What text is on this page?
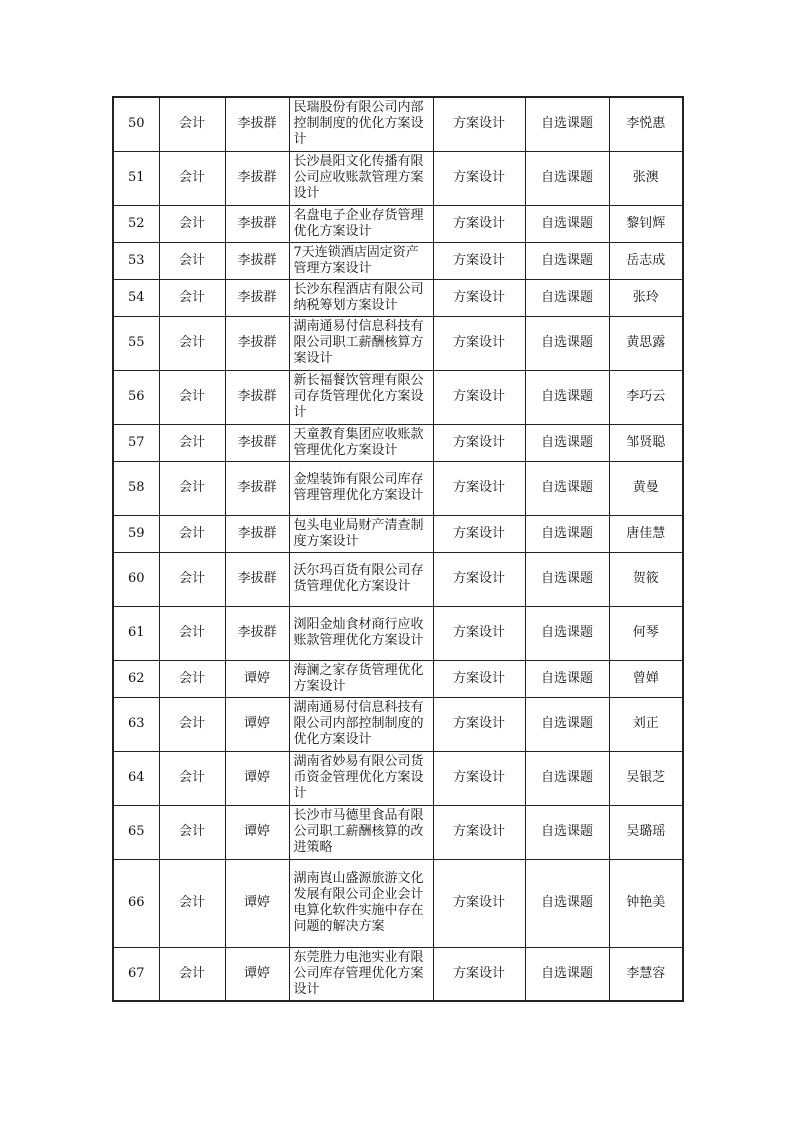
50	会计	李拔群	民瑞股份有限公司内部控制制度的优化方案设计	方案设计	自选课题	李悦惠
51	会计	李拔群	长沙晨阳文化传播有限公司应收账款管理方案设计	方案设计	自选课题	张澳
52	会计	李拔群	名盘电子企业存货管理优化方案设计	方案设计	自选课题	黎钊辉
53	会计	李拔群	7天连锁酒店固定资产管理方案设计	方案设计	自选课题	岳志成
54	会计	李拔群	长沙东程酒店有限公司纳税筹划方案设计	方案设计	自选课题	张玲
55	会计	李拔群	湖南通易付信息科技有限公司职工薪酬核算方案设计	方案设计	自选课题	黄思露
56	会计	李拔群	新长福餐饮管理有限公司存货管理优化方案设计	方案设计	自选课题	李巧云
57	会计	李拔群	天童教育集团应收账款管理优化方案设计	方案设计	自选课题	邹贤聪
58	会计	李拔群	金煌装饰有限公司库存管理管理优化方案设计	方案设计	自选课题	黄曼
59	会计	李拔群	包头电业局财产清查制度方案设计	方案设计	自选课题	唐佳慧
60	会计	李拔群	沃尔玛百货有限公司存货管理优化方案设计	方案设计	自选课题	贺筱
61	会计	李拔群	浏阳金灿食材商行应收账款管理优化方案设计	方案设计	自选课题	何琴
62	会计	谭婷	海澜之家存货管理优化方案设计	方案设计	自选课题	曾婵
63	会计	谭婷	湖南通易付信息科技有限公司内部控制制度的优化方案设计	方案设计	自选课题	刘正
64	会计	谭婷	湖南省妙易有限公司货币资金管理优化方案设计	方案设计	自选课题	吴银芝
65	会计	谭婷	长沙市马德里食品有限公司职工薪酬核算的改进策略	方案设计	自选课题	吴璐瑶
66	会计	谭婷	湖南崀山盛源旅游文化发展有限公司企业会计电算化软件实施中存在问题的解决方案	方案设计	自选课题	钟艳美
67	会计	谭婷	东莞胜力电池实业有限公司库存管理优化方案设计	方案设计	自选课题	李慧容
